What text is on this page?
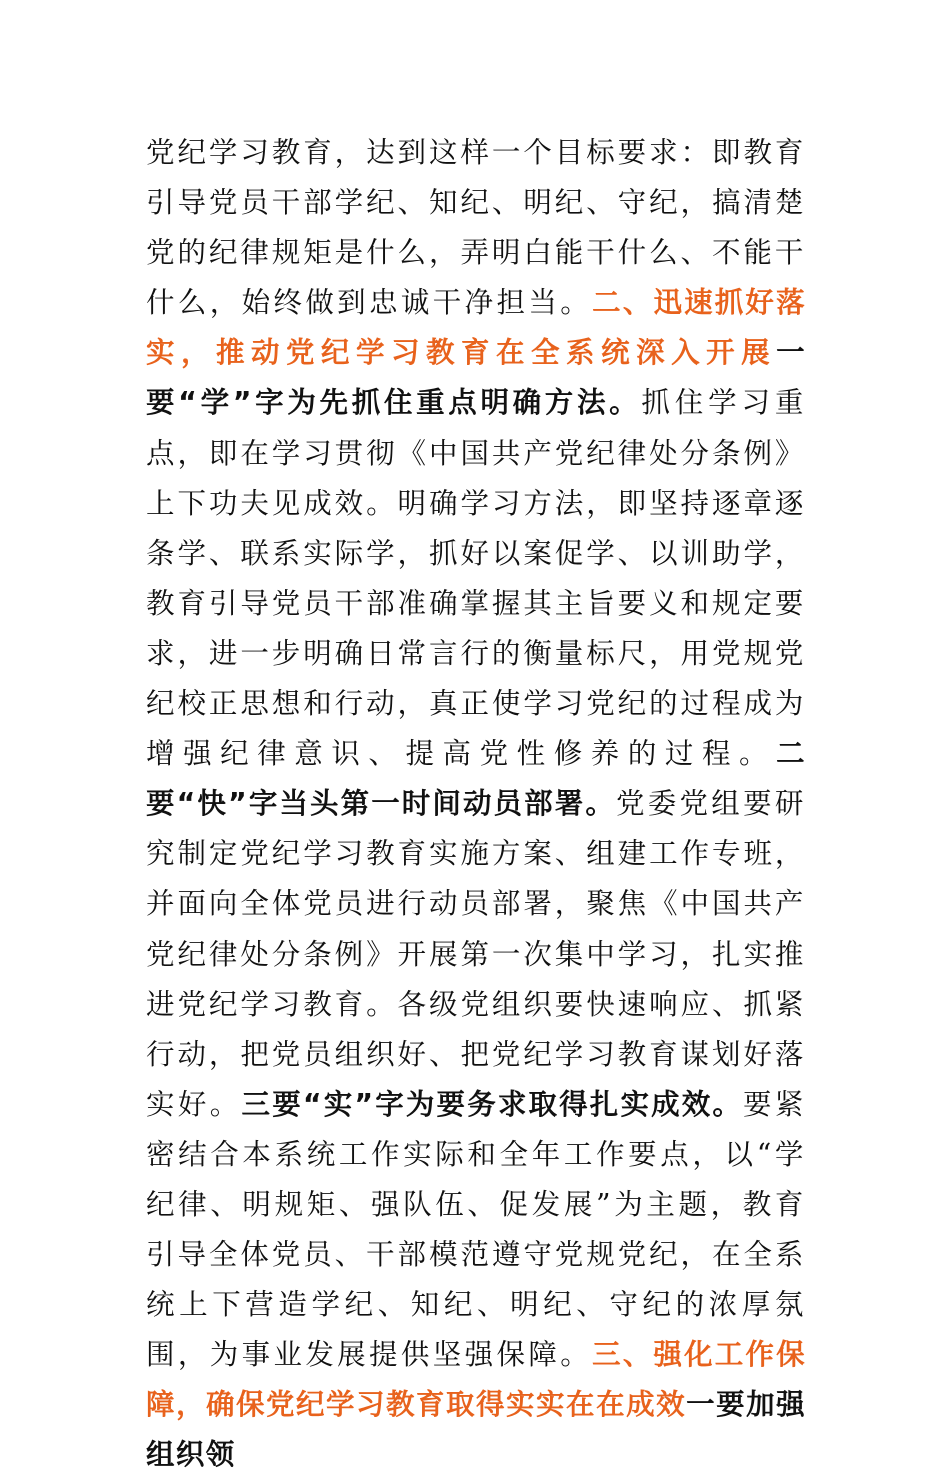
党纪学习教育，达到这样一个目标要求：即教育引导党员干部学纪、知纪、明纪、守纪，搞清楚党的纪律规矩是什么，弄明白能干什么、不能干什么，始终做到忠诚干净担当。二、迅速抓好落实，推动党纪学习教育在全系统深入开展一要“学”字为先抓住重点明确方法。抓住学习重点，即在学习贯彻《中国共产党纪律处分条例》上下功夫见成效。明确学习方法，即坚持逐章逐条学、联系实际学，抓好以案促学、以训助学，教育引导党员干部准确掌握其主旨要义和规定要求，进一步明确日常言行的衡量标尺，用党规党纪校正思想和行动，真正使学习党纪的过程成为增强纪律意识、提高党性修养的过程。二要“快”字当头第一时间动员部署。党委党组要研究制定党纪学习教育实施方案、组建工作专班，并面向全体党员进行动员部署，聚焦《中国共产党纪律处分条例》开展第一次集中学习，扎实推进党纪学习教育。各级党组织要快速响应、抓紧行动，把党员组织好、把党纪学习教育谋划好落实好。三要“实”字为要务求取得扎实成效。要紧密结合本系统工作实际和全年工作要点，以“学纪律、明规矩、强队伍、促发展”为主题，教育引导全体党员、干部模范遵守党规党纪，在全系统上下营造学纪、知纪、明纪、守纪的浓厚氛围，为事业发展提供坚强保障。三、强化工作保障，确保党纪学习教育取得实实在在成效一要加强组织领
